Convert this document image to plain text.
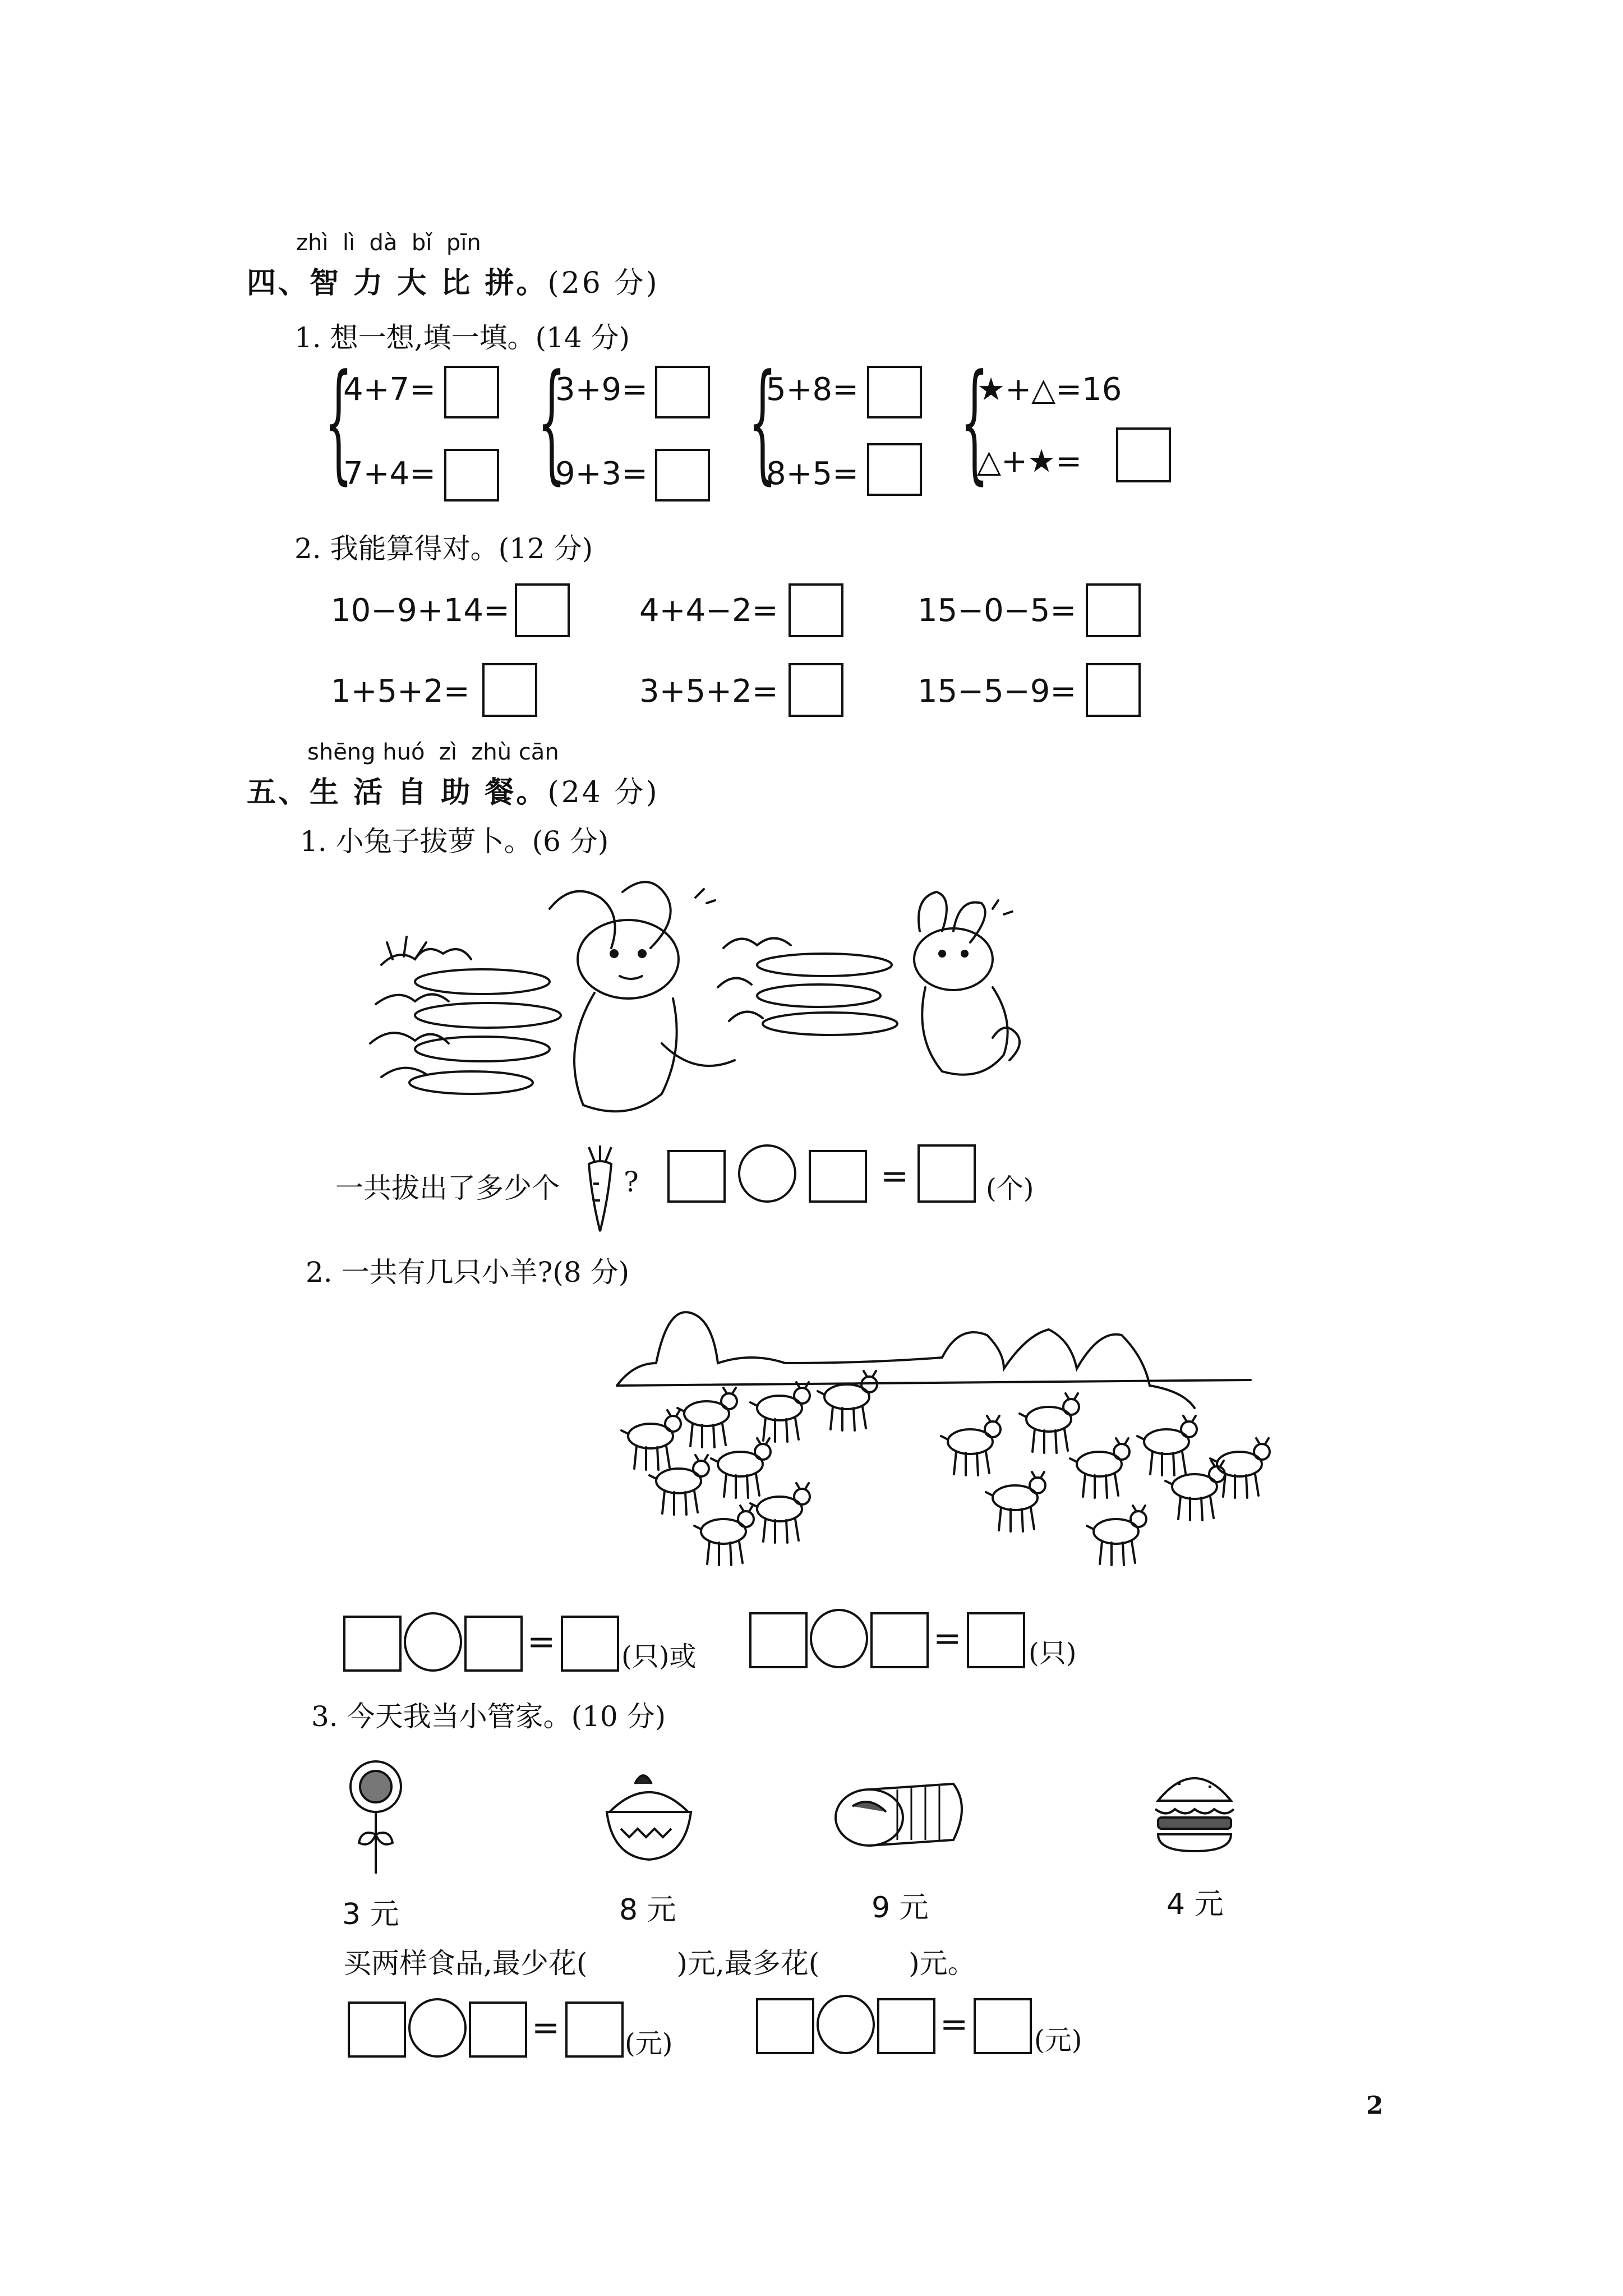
zhì  lì  dà  bǐ  pīn
四、智 力 大 比 拼。(26 分)
1. 想一想,填一填。(14 分)
{
4+7=
7+4= {
3+9=
9+3= {
5+8=
8+5= {
★+△=16
△+★=
2. 我能算得对。(12 分)
10−9+14=	4+4−2=	15−0−5=
1+5+2=	3+5+2=	15−5−9=
shēng huó  zì  zhù cān
五、生 活 自 助 餐。(24 分)
1. 小兔子拔萝卜。(6 分)
一共拔出了多少个 ?	=	(个)
2. 一共有几只小羊?(8 分)
= (只)或	= (只)
3. 今天我当小管家。(10 分)
3 元	8 元	9 元	4 元
买两样食品,最少花(          )元,最多花(          )元。
= (元)	= (元)
2
